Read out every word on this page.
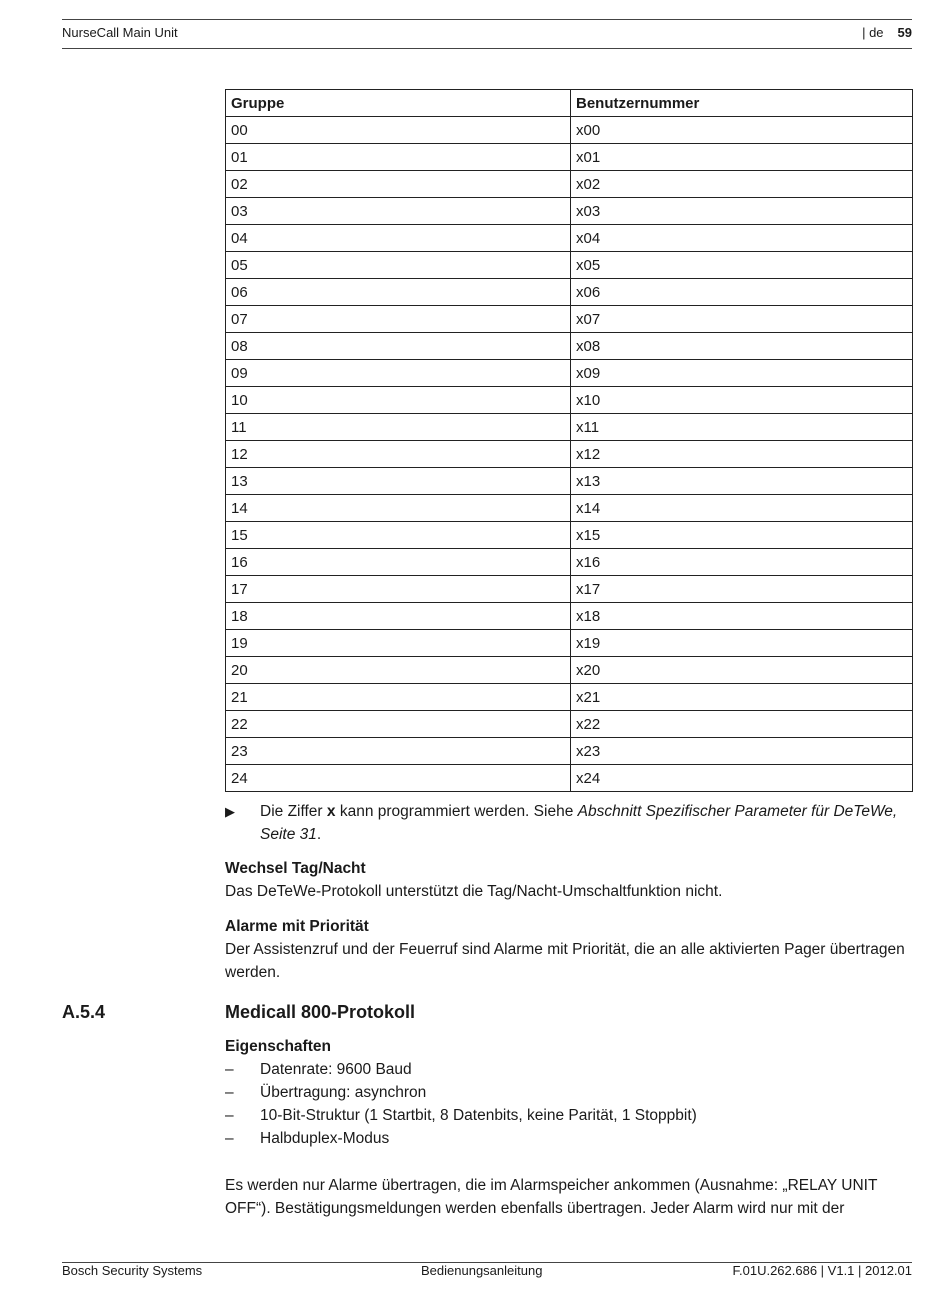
NurseCall Main Unit	| de 59
Gruppe	Benutzernummer
00	x00
01	x01
02	x02
03	x03
04	x04
05	x05
06	x06
07	x07
08	x08
09	x09
10	x10
11	x11
12	x12
13	x13
14	x14
15	x15
16	x16
17	x17
18	x18
19	x19
20	x20
21	x21
22	x22
23	x23
24	x24
▶ Die Ziffer x kann programmiert werden. Siehe Abschnitt Spezifischer Parameter für DeTeWe, Seite 31.
Wechsel Tag/Nacht
Das DeTeWe-Protokoll unterstützt die Tag/Nacht-Umschaltfunktion nicht.
Alarme mit Priorität
Der Assistenzruf und der Feuerruf sind Alarme mit Priorität, die an alle aktivierten Pager übertragen werden.
A.5.4	Medicall 800-Protokoll
Eigenschaften
– Datenrate: 9600 Baud
– Übertragung: asynchron
– 10-Bit-Struktur (1 Startbit, 8 Datenbits, keine Parität, 1 Stoppbit)
– Halbduplex-Modus
Es werden nur Alarme übertragen, die im Alarmspeicher ankommen (Ausnahme: „RELAY UNIT OFF“). Bestätigungsmeldungen werden ebenfalls übertragen. Jeder Alarm wird nur mit der
Bosch Security Systems	Bedienungsanleitung	F.01U.262.686 | V1.1 | 2012.01
